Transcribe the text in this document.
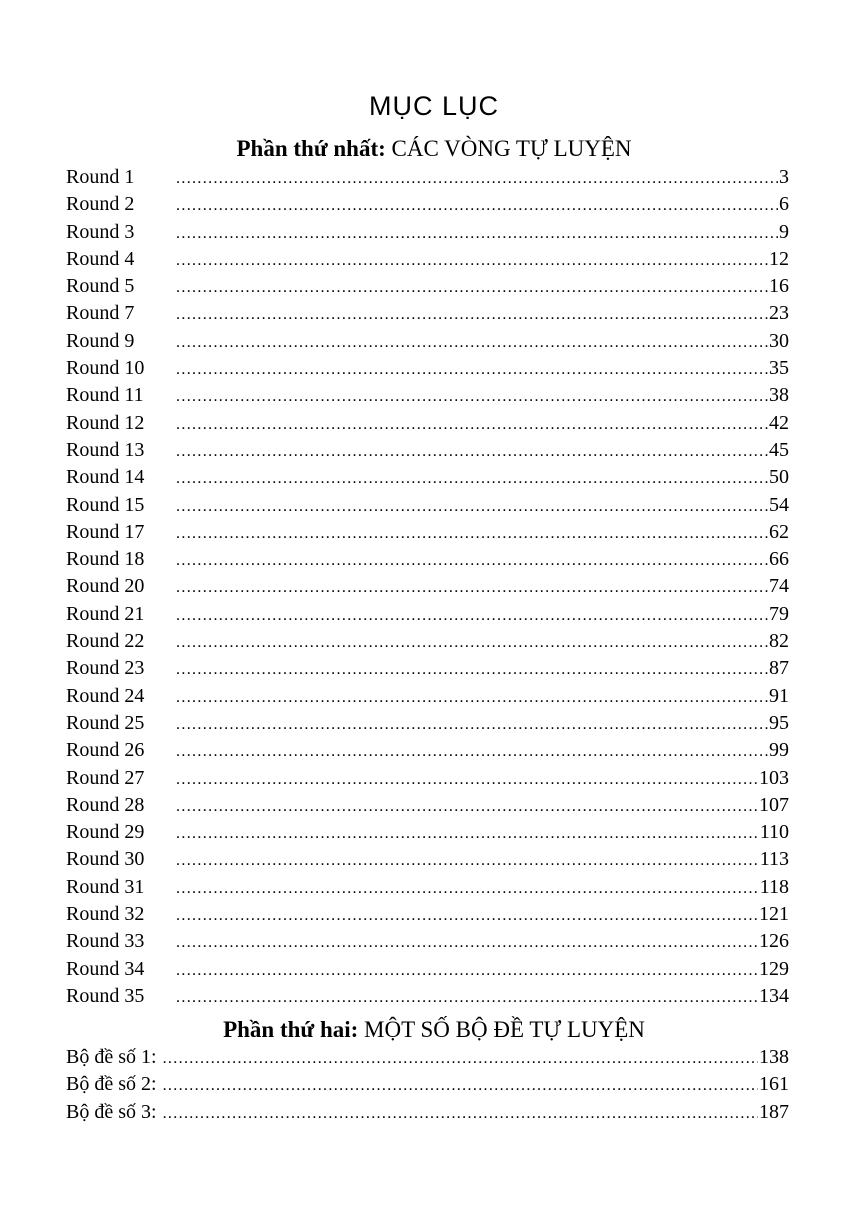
MỤC LỤC
Phần thứ nhất: CÁC VÒNG TỰ LUYỆN
Round 1 .....	3
Round 2 .....	6
Round 3 .....	9
Round 4 .....	12
Round 5 .....	16
Round 7 .....	23
Round 9 .....	30
Round 10 .....	35
Round 11 .....	38
Round 12 .....	42
Round 13 .....	45
Round 14 .....	50
Round 15 .....	54
Round 17 .....	62
Round 18 .....	66
Round 20 .....	74
Round 21 .....	79
Round 22 .....	82
Round 23 .....	87
Round 24 .....	91
Round 25 .....	95
Round 26 .....	99
Round 27 .....	103
Round 28 .....	107
Round 29 .....	110
Round 30 .....	113
Round 31 .....	118
Round 32 .....	121
Round 33 .....	126
Round 34 .....	129
Round 35 .....	134
Phần thứ hai: MỘT SỐ BỘ ĐỀ TỰ LUYỆN
Bộ đề số 1: .....	138
Bộ đề số 2: .....	161
Bộ đề số 3: .....	187
